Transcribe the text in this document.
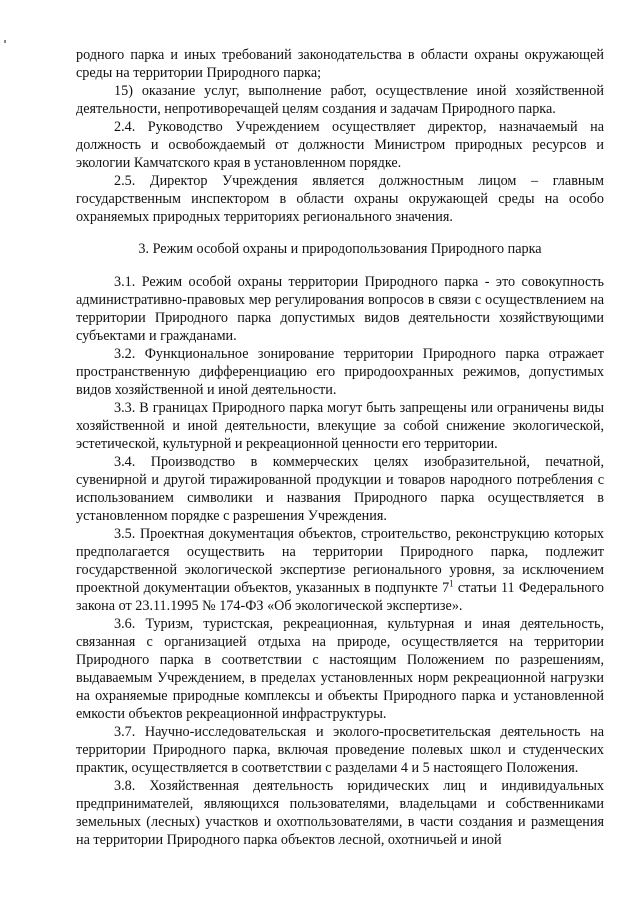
родного парка и иных требований законодательства в области охраны окружающей среды на территории Природного парка;

15) оказание услуг, выполнение работ, осуществление иной хозяйственной деятельности, непротиворечащей целям создания и задачам Природного парка.

2.4. Руководство Учреждением осуществляет директор, назначаемый на должность и освобождаемый от должности Министром природных ресурсов и экологии Камчатского края в установленном порядке.

2.5. Директор Учреждения является должностным лицом – главным государственным инспектором в области охраны окружающей среды на особо охраняемых природных территориях регионального значения.

3. Режим особой охраны и природопользования Природного парка

3.1. Режим особой охраны территории Природного парка - это совокупность административно-правовых мер регулирования вопросов в связи с осуществлением на территории Природного парка допустимых видов деятельности хозяйствующими субъектами и гражданами.

3.2. Функциональное зонирование территории Природного парка отражает пространственную дифференциацию его природоохранных режимов, допустимых видов хозяйственной и иной деятельности.

3.3. В границах Природного парка могут быть запрещены или ограничены виды хозяйственной и иной деятельности, влекущие за собой снижение экологической, эстетической, культурной и рекреационной ценности его территории.

3.4. Производство в коммерческих целях изобразительной, печатной, сувенирной и другой тиражированной продукции и товаров народного потребления с использованием символики и названия Природного парка осуществляется в установленном порядке с разрешения Учреждения.

3.5. Проектная документация объектов, строительство, реконструкцию которых предполагается осуществить на территории Природного парка, подлежит государственной экологической экспертизе регионального уровня, за исключением проектной документации объектов, указанных в подпункте $7^1$ статьи 11 Федерального закона от 23.11.1995 № 174-ФЗ «Об экологической экспертизе».

3.6. Туризм, туристская, рекреационная, культурная и иная деятельность, связанная с организацией отдыха на природе, осуществляется на территории Природного парка в соответствии с настоящим Положением по разрешениям, выдаваемым Учреждением, в пределах установленных норм рекреационной нагрузки на охраняемые природные комплексы и объекты Природного парка и установленной емкости объектов рекреационной инфраструктуры.

3.7. Научно-исследовательская и эколого-просветительская деятельность на территории Природного парка, включая проведение полевых школ и студенческих практик, осуществляется в соответствии с разделами 4 и 5 настоящего Положения.

3.8. Хозяйственная деятельность юридических лиц и индивидуальных предпринимателей, являющихся пользователями, владельцами и собственниками земельных (лесных) участков и охотпользователями, в части создания и размещения на территории Природного парка объектов лесной, охотничьей и иной
